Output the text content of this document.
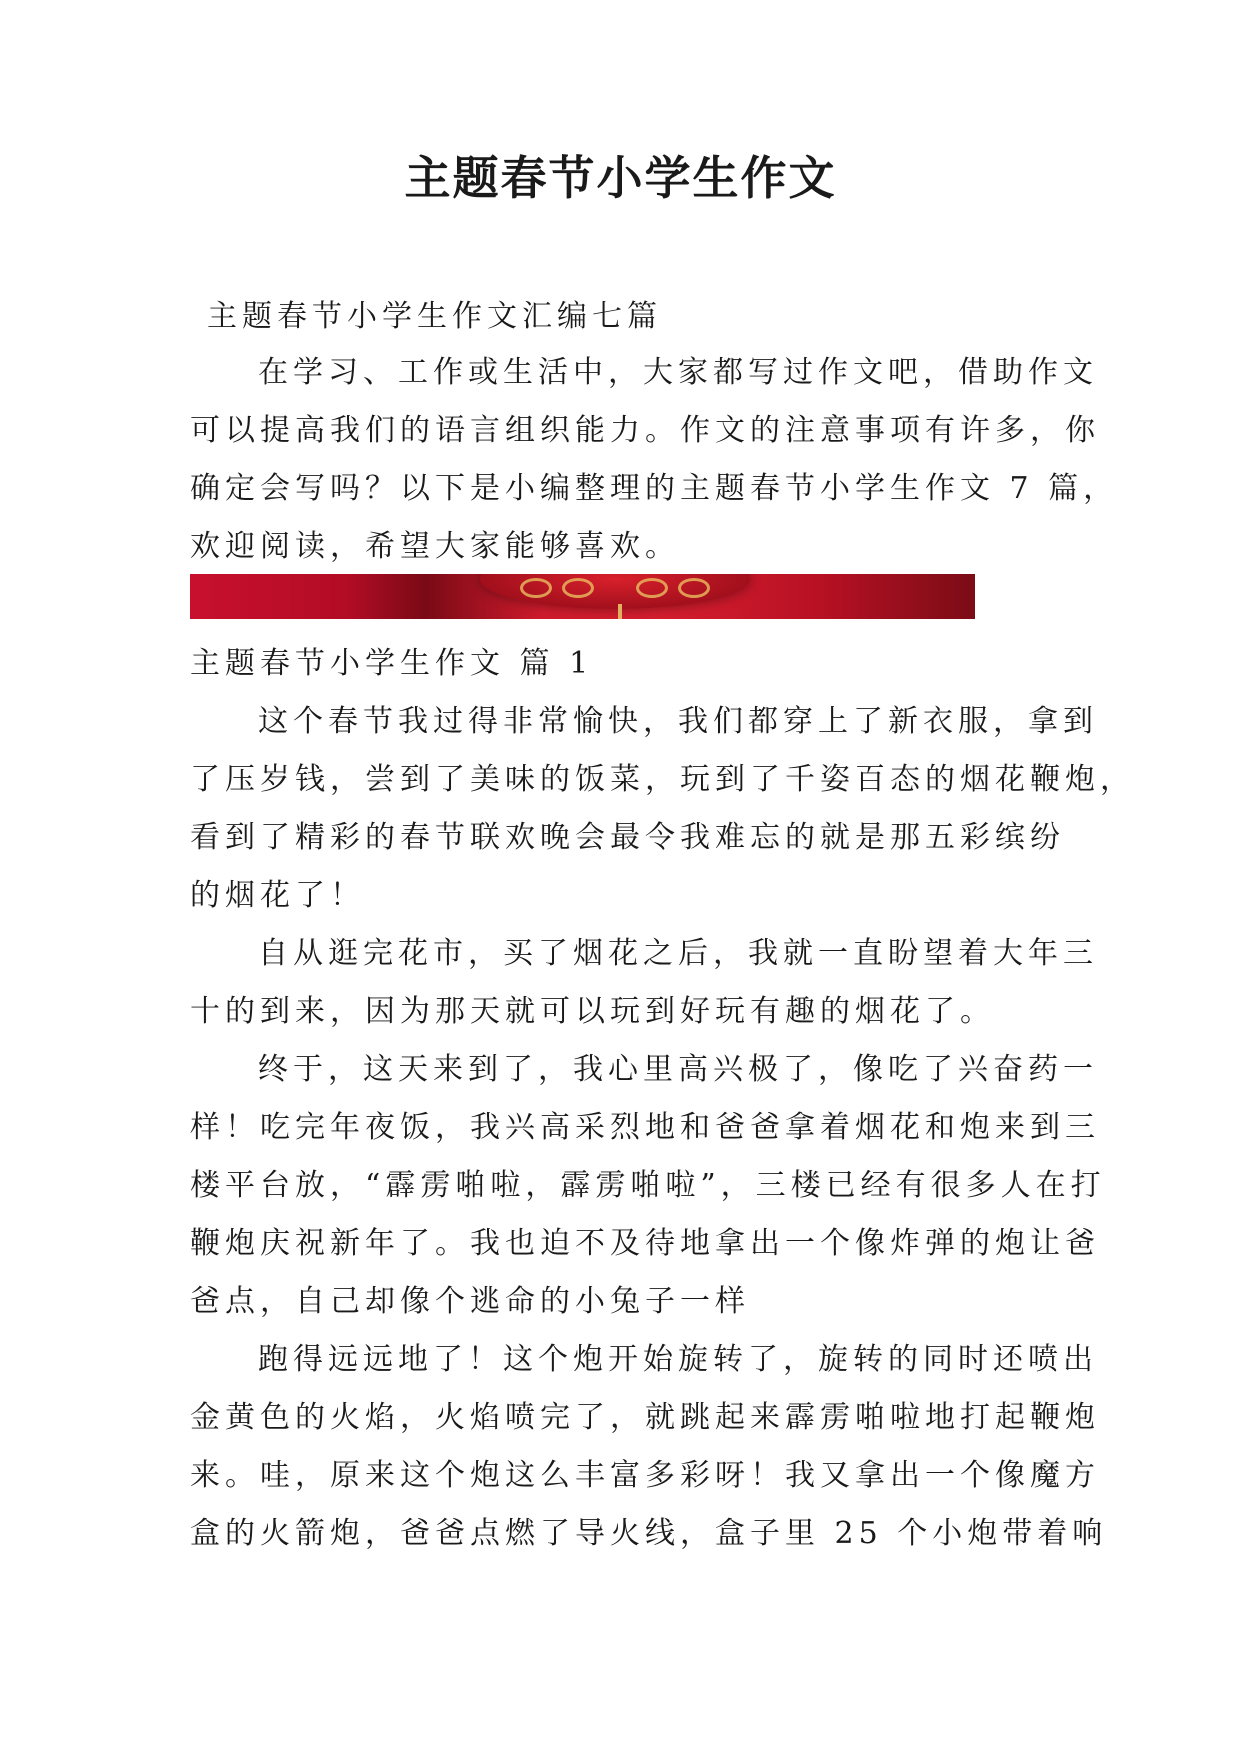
主题春节小学生作文

主题春节小学生作文汇编七篇

在学习、工作或生活中，大家都写过作文吧，借助作文

可以提高我们的语言组织能力。作文的注意事项有许多，你

确定会写吗？以下是小编整理的主题春节小学生作文 7 篇，

欢迎阅读，希望大家能够喜欢。

主题春节小学生作文 篇 1

这个春节我过得非常愉快，我们都穿上了新衣服，拿到

了压岁钱，尝到了美味的饭菜，玩到了千姿百态的烟花鞭炮，

看到了精彩的春节联欢晚会最令我难忘的就是那五彩缤纷

的烟花了！

自从逛完花市，买了烟花之后，我就一直盼望着大年三

十的到来，因为那天就可以玩到好玩有趣的烟花了。

终于，这天来到了，我心里高兴极了，像吃了兴奋药一

样！吃完年夜饭，我兴高采烈地和爸爸拿着烟花和炮来到三

楼平台放，“霹雳啪啦，霹雳啪啦”，三楼已经有很多人在打

鞭炮庆祝新年了。我也迫不及待地拿出一个像炸弹的炮让爸

爸点，自己却像个逃命的小兔子一样

跑得远远地了！这个炮开始旋转了，旋转的同时还喷出

金黄色的火焰，火焰喷完了，就跳起来霹雳啪啦地打起鞭炮

来。哇，原来这个炮这么丰富多彩呀！我又拿出一个像魔方

盒的火箭炮，爸爸点燃了导火线，盒子里 25 个小炮带着响
